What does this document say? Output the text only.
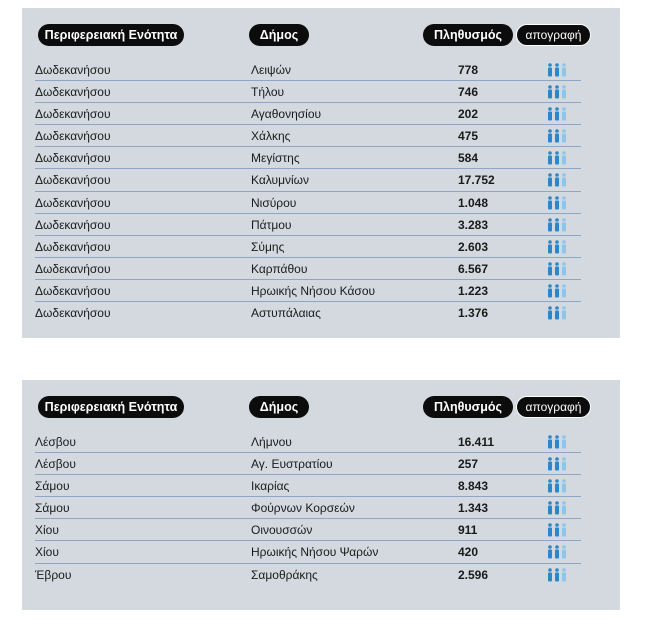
Περιφερειακή Ενότητα	Δήμος	Πληθυσμός	απογραφή
Δωδεκανήσου	Λειψών	778
Δωδεκανήσου	Τήλου	746
Δωδεκανήσου	Αγαθονησίου	202
Δωδεκανήσου	Χάλκης	475
Δωδεκανήσου	Μεγίστης	584
Δωδεκανήσου	Καλυμνίων	17.752
Δωδεκανήσου	Νισύρου	1.048
Δωδεκανήσου	Πάτμου	3.283
Δωδεκανήσου	Σύμης	2.603
Δωδεκανήσου	Καρπάθου	6.567
Δωδεκανήσου	Ηρωικής Νήσου Κάσου	1.223
Δωδεκανήσου	Αστυπάλαιας	1.376
Περιφερειακή Ενότητα	Δήμος	Πληθυσμός	απογραφή
Λέσβου	Λήμνου	16.411
Λέσβου	Αγ. Ευστρατίου	257
Σάμου	Ικαρίας	8.843
Σάμου	Φούρνων Κορσεών	1.343
Χίου	Οινουσσών	911
Χίου	Ηρωικής Νήσου Ψαρών	420
Έβρου	Σαμοθράκης	2.596
